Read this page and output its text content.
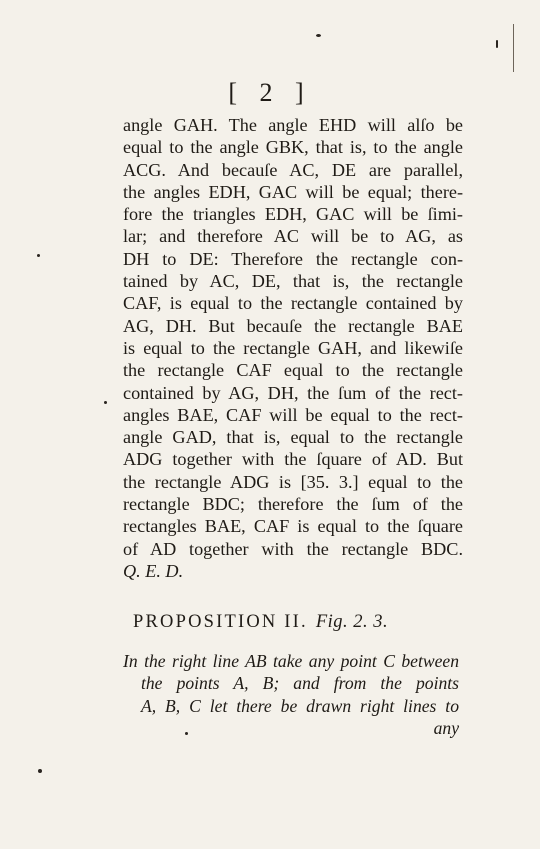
[ 2 ]
angle GAH. The angle EHD will alſo be
equal to the angle GBK, that is, to the angle
ACG. And becauſe AC, DE are parallel,
the angles EDH, GAC will be equal; there-
fore the triangles EDH, GAC will be ſimi-
lar; and therefore AC will be to AG, as
DH to DE: Therefore the rectangle con-
tained by AC, DE, that is, the rectangle
CAF, is equal to the rectangle contained by
AG, DH. But becauſe the rectangle BAE
is equal to the rectangle GAH, and likewiſe
the rectangle CAF equal to the rectangle
contained by AG, DH, the ſum of the rect-
angles BAE, CAF will be equal to the rect-
angle GAD, that is, equal to the rectangle
ADG together with the ſquare of AD. But
the rectangle ADG is [35. 3.] equal to the
rectangle BDC; therefore the ſum of the
rectangles BAE, CAF is equal to the ſquare
of AD together with the rectangle BDC.
Q. E. D.
PROPOSITION II. Fig. 2. 3.
In the right line AB take any point C between
the points A, B; and from the points
A, B, C let there be drawn right lines to
any
